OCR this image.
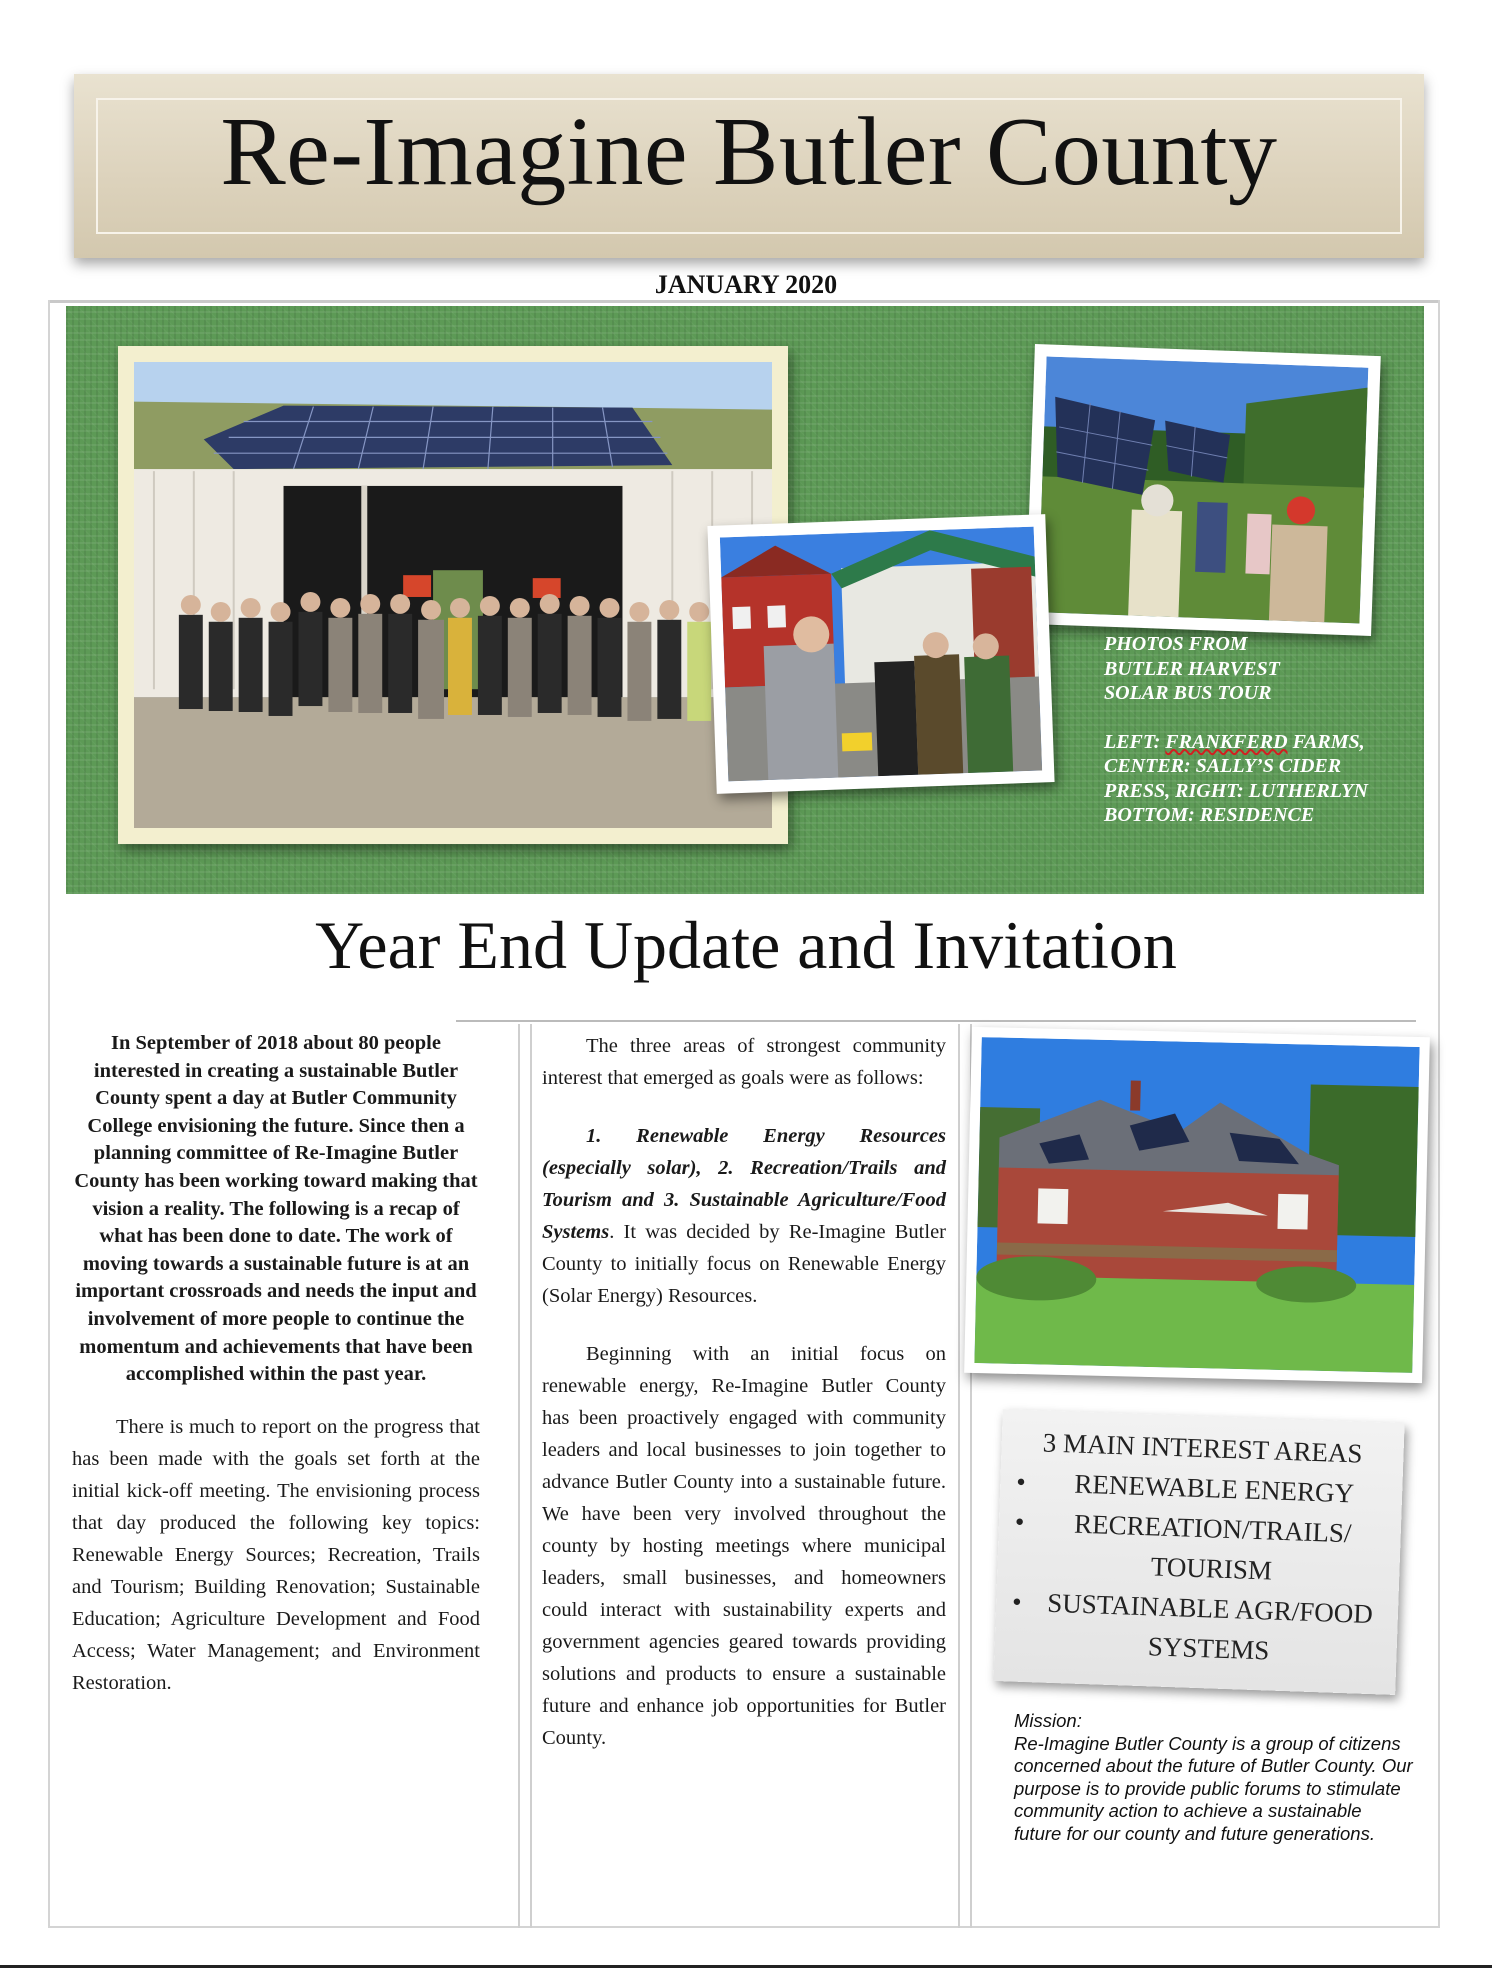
Re-Imagine Butler County
JANUARY 2020

PHOTOS FROM
BUTLER HARVEST
SOLAR BUS TOUR

LEFT: FRANKFERD FARMS, CENTER: SALLY’S CIDER PRESS, RIGHT: LUTHERLYN BOTTOM: RESIDENCE

Year End Update and Invitation

In September of 2018 about 80 people interested in creating a sustainable Butler County spent a day at Butler Community College envisioning the future. Since then a planning committee of Re-Imagine Butler County has been working toward making that vision a reality. The following is a recap of what has been done to date. The work of moving towards a sustainable future is at an important crossroads and needs the input and involvement of more people to continue the momentum and achievements that have been accomplished within the past year.

There is much to report on the progress that has been made with the goals set forth at the initial kick-off meeting. The envisioning process that day produced the following key topics: Renewable Energy Sources; Recreation, Trails and Tourism; Building Renovation; Sustainable Education; Agriculture Development and Food Access; Water Management; and Environment Restoration.

The three areas of strongest community interest that emerged as goals were as follows:

1. Renewable Energy Resources (especially solar), 2. Recreation/Trails and Tourism and 3. Sustainable Agriculture/Food Systems. It was decided by Re-Imagine Butler County to initially focus on Renewable Energy (Solar Energy) Resources.

Beginning with an initial focus on renewable energy, Re-Imagine Butler County has been proactively engaged with community leaders and local businesses to join together to advance Butler County into a sustainable future. We have been very involved throughout the county by hosting meetings where municipal leaders, small businesses, and homeowners could interact with sustainability experts and government agencies geared towards providing solutions and products to ensure a sustainable future and enhance job opportunities for Butler County.

3 MAIN INTEREST AREAS
•	RENEWABLE ENERGY
•	RECREATION/TRAILS/ TOURISM
• SUSTAINABLE AGR/FOOD SYSTEMS
Mission:
Re-Imagine Butler County is a group of citizens concerned about the future of Butler County. Our purpose is to provide public forums to stimulate community action to achieve a sustainable future for our county and future generations.
